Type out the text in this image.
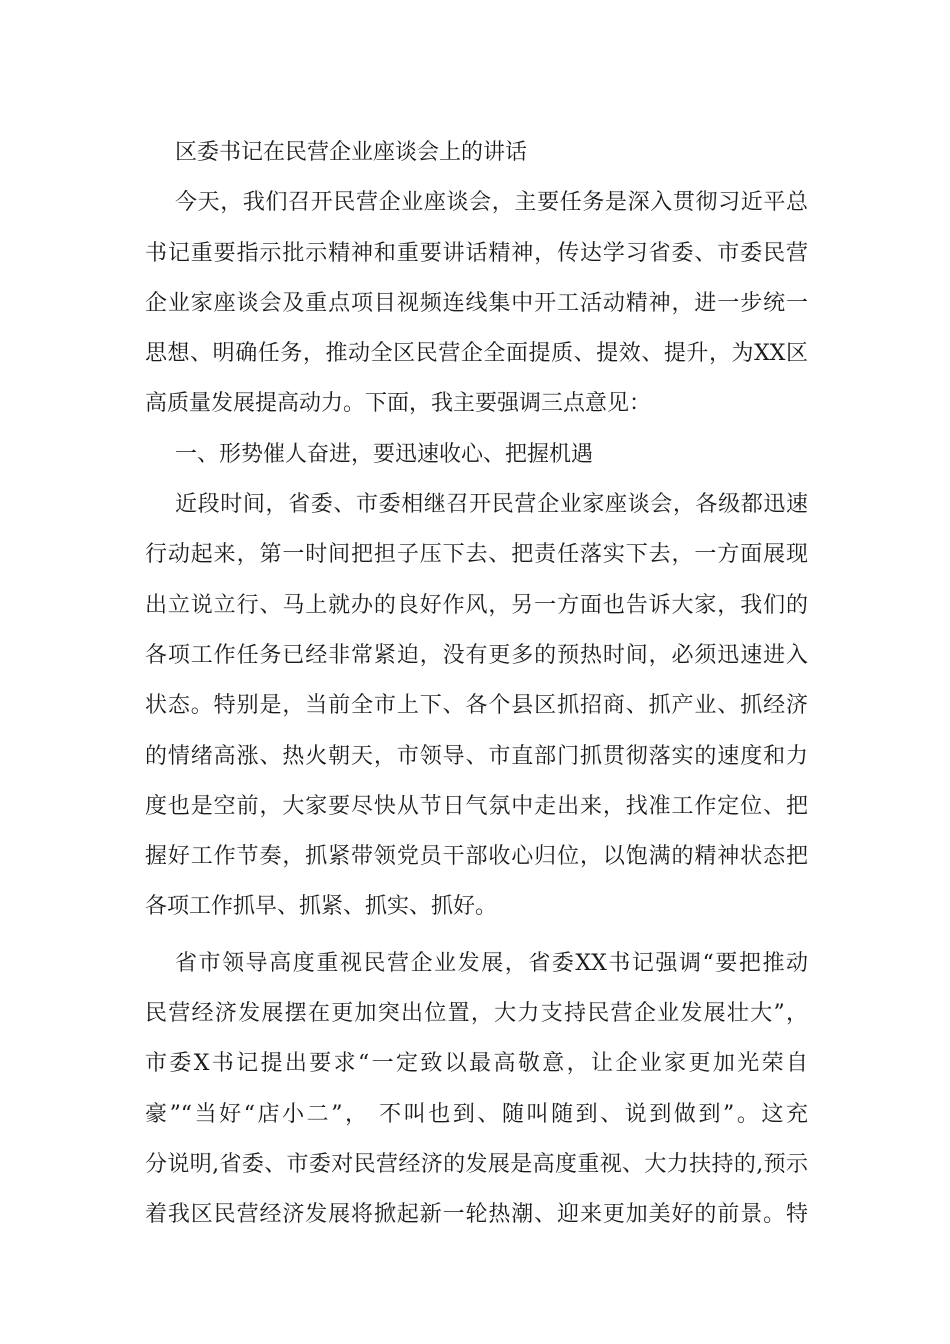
区委书记在民营企业座谈会上的讲话
今天，我们召开民营企业座谈会，主要任务是深入贯彻习近平总
书记重要指示批示精神和重要讲话精神，传达学习省委、市委民营
企业家座谈会及重点项目视频连线集中开工活动精神，进一步统一
思想、明确任务，推动全区民营企全面提质、提效、提升，为XX区
高质量发展提高动力。下面，我主要强调三点意见：
一、形势催人奋进，要迅速收心、把握机遇
近段时间，省委、市委相继召开民营企业家座谈会，各级都迅速
行动起来，第一时间把担子压下去、把责任落实下去，一方面展现
出立说立行、马上就办的良好作风，另一方面也告诉大家，我们的
各项工作任务已经非常紧迫，没有更多的预热时间，必须迅速进入
状态。特别是，当前全市上下、各个县区抓招商、抓产业、抓经济
的情绪高涨、热火朝天，市领导、市直部门抓贯彻落实的速度和力
度也是空前，大家要尽快从节日气氛中走出来，找准工作定位、把
握好工作节奏，抓紧带领党员干部收心归位，以饱满的精神状态把
各项工作抓早、抓紧、抓实、抓好。
省市领导高度重视民营企业发展，省委XX书记强调“要把推动
民营经济发展摆在更加突出位置，大力支持民营企业发展壮大”，
市委X书记提出要求“一定致以最高敬意，让企业家更加光荣自
豪”“当好“店小二”， 不叫也到、随叫随到、说到做到”。这充
分说明,省委、市委对民营经济的发展是高度重视、大力扶持的,预示
着我区民营经济发展将掀起新一轮热潮、迎来更加美好的前景。特
